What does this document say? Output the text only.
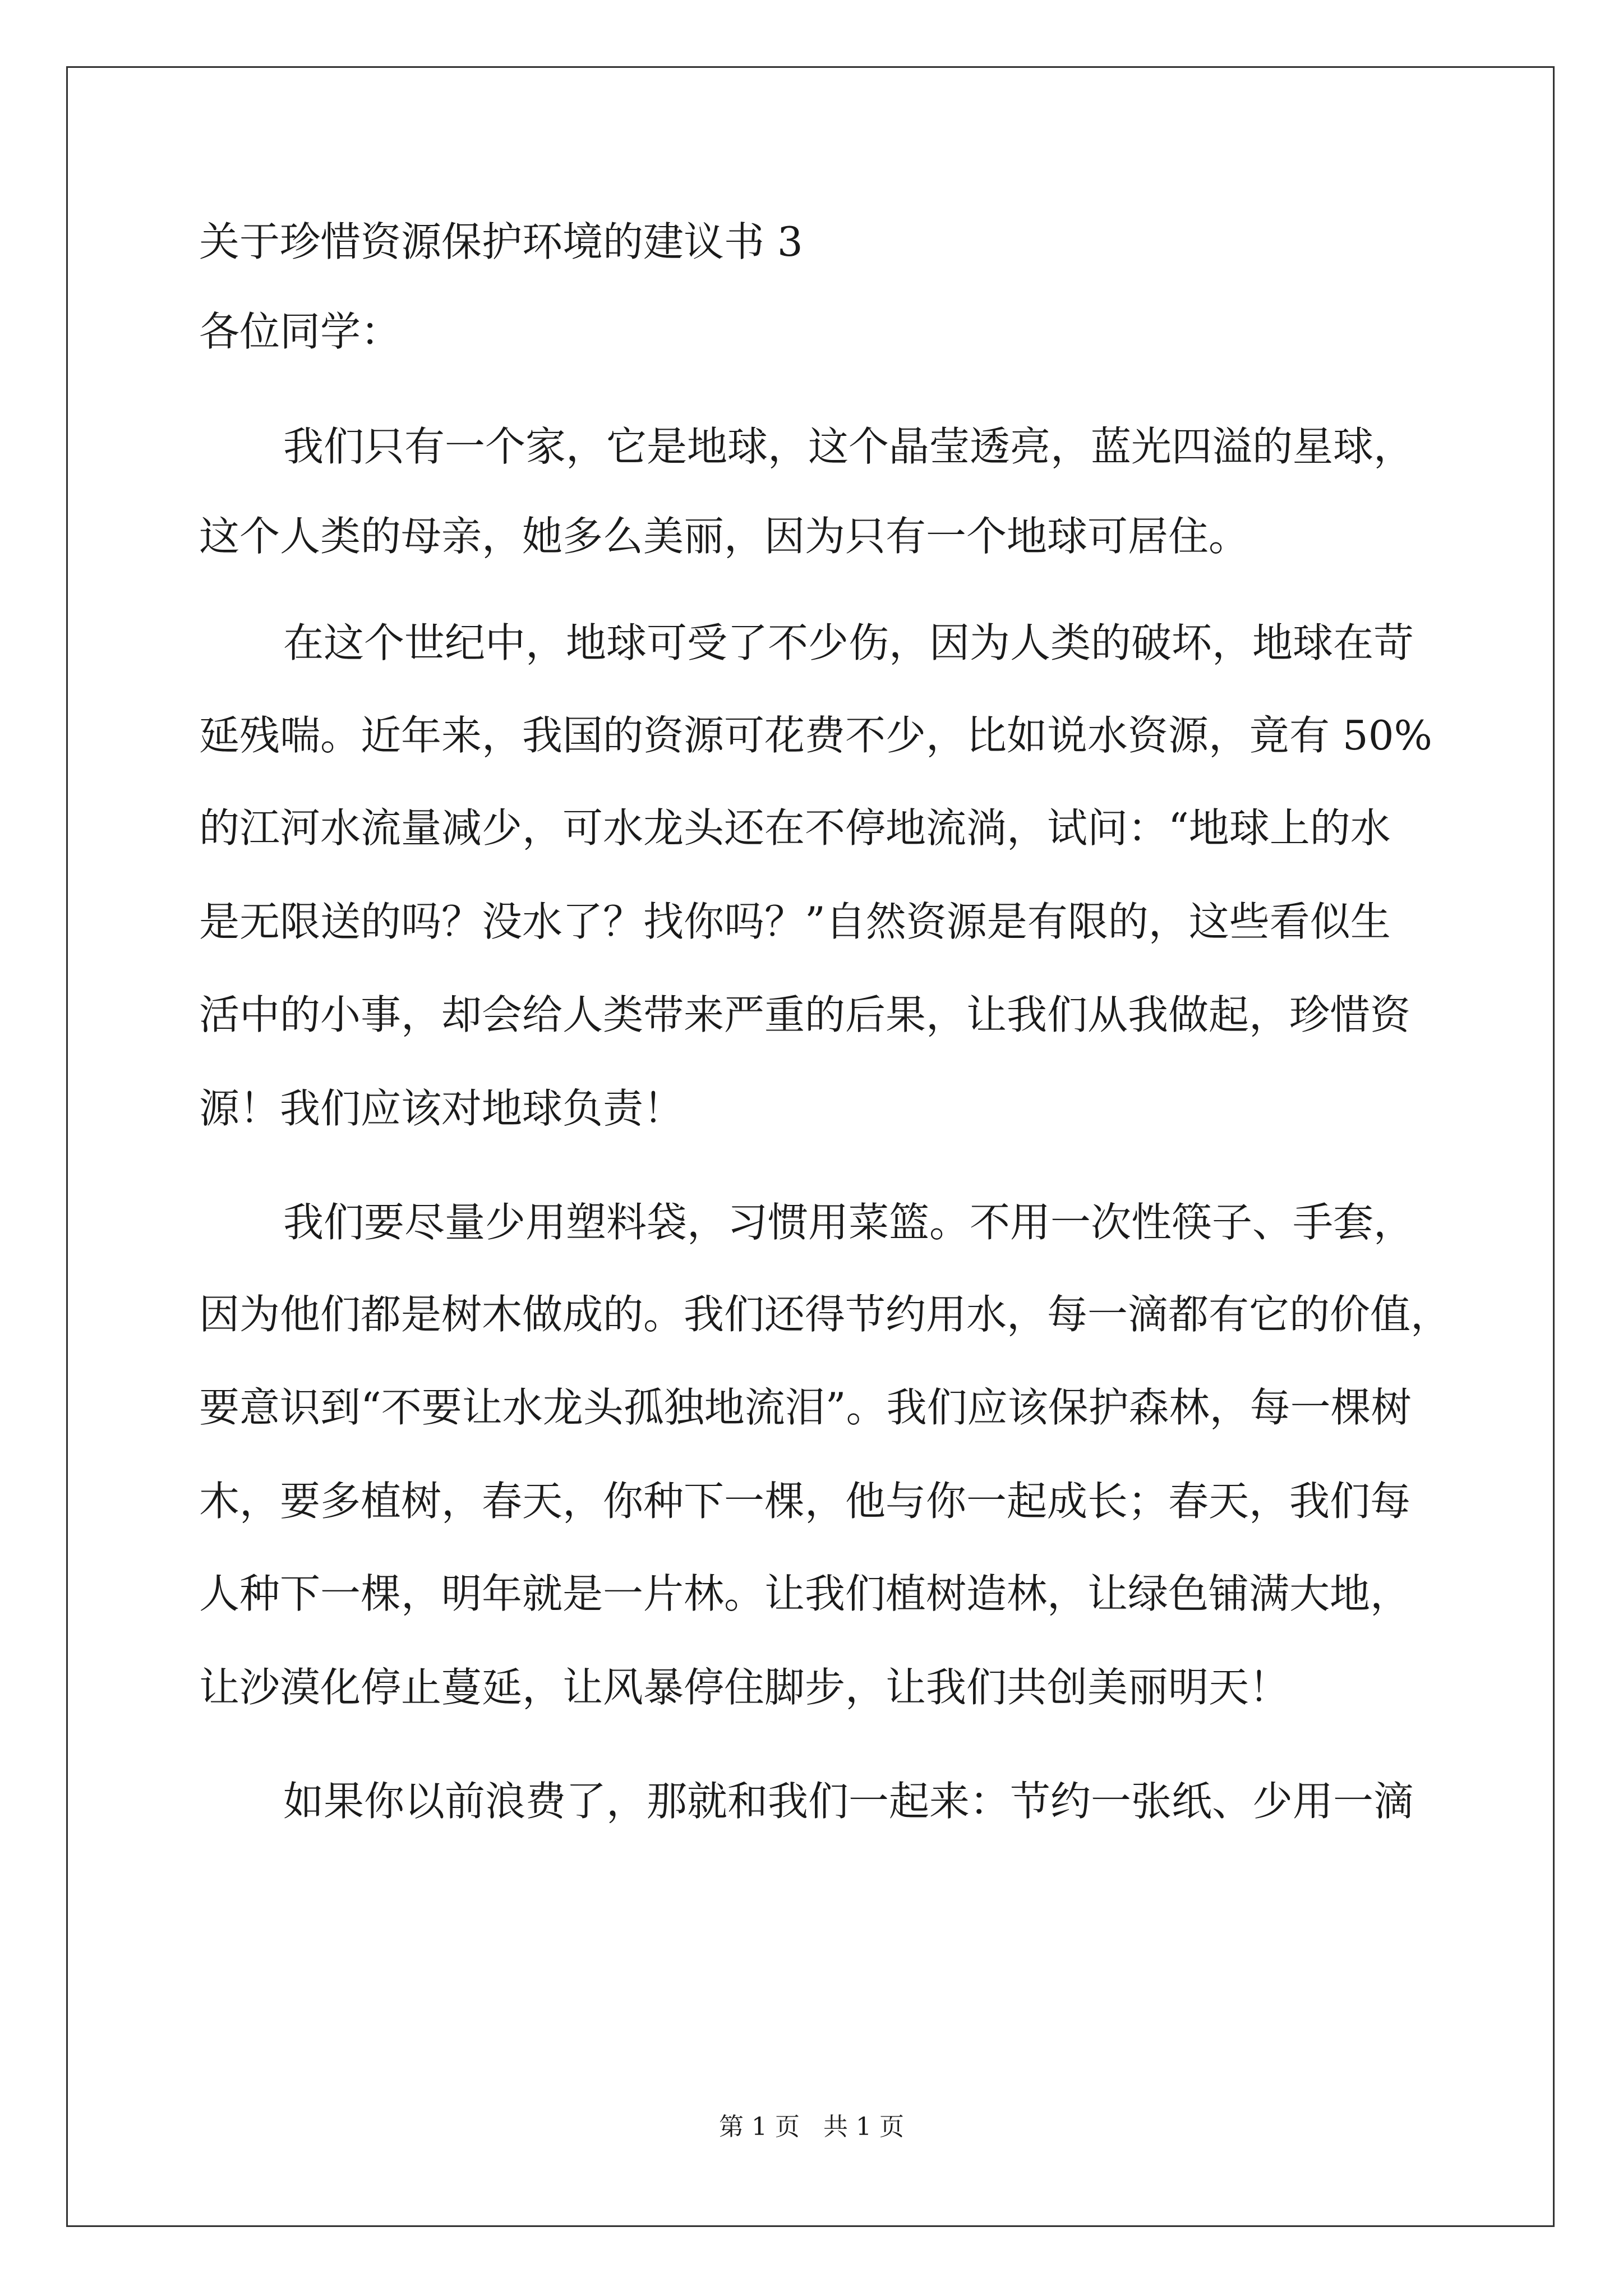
关于珍惜资源保护环境的建议书 3
各位同学：
我们只有一个家，它是地球，这个晶莹透亮，蓝光四溢的星球，
这个人类的母亲，她多么美丽，因为只有一个地球可居住。
在这个世纪中，地球可受了不少伤，因为人类的破坏，地球在苛
延残喘。近年来，我国的资源可花费不少，比如说水资源，竟有 50%
的江河水流量减少，可水龙头还在不停地流淌，试问：“地球上的水
是无限送的吗？没水了？找你吗？”自然资源是有限的，这些看似生
活中的小事，却会给人类带来严重的后果，让我们从我做起，珍惜资
源！我们应该对地球负责！
我们要尽量少用塑料袋，习惯用菜篮。不用一次性筷子、手套，
因为他们都是树木做成的。我们还得节约用水，每一滴都有它的价值，
要意识到“不要让水龙头孤独地流泪”。我们应该保护森林，每一棵树
木，要多植树，春天，你种下一棵，他与你一起成长；春天，我们每
人种下一棵，明年就是一片林。让我们植树造林，让绿色铺满大地，
让沙漠化停止蔓延，让风暴停住脚步，让我们共创美丽明天！
如果你以前浪费了，那就和我们一起来：节约一张纸、少用一滴
第 1 页   共 1 页
